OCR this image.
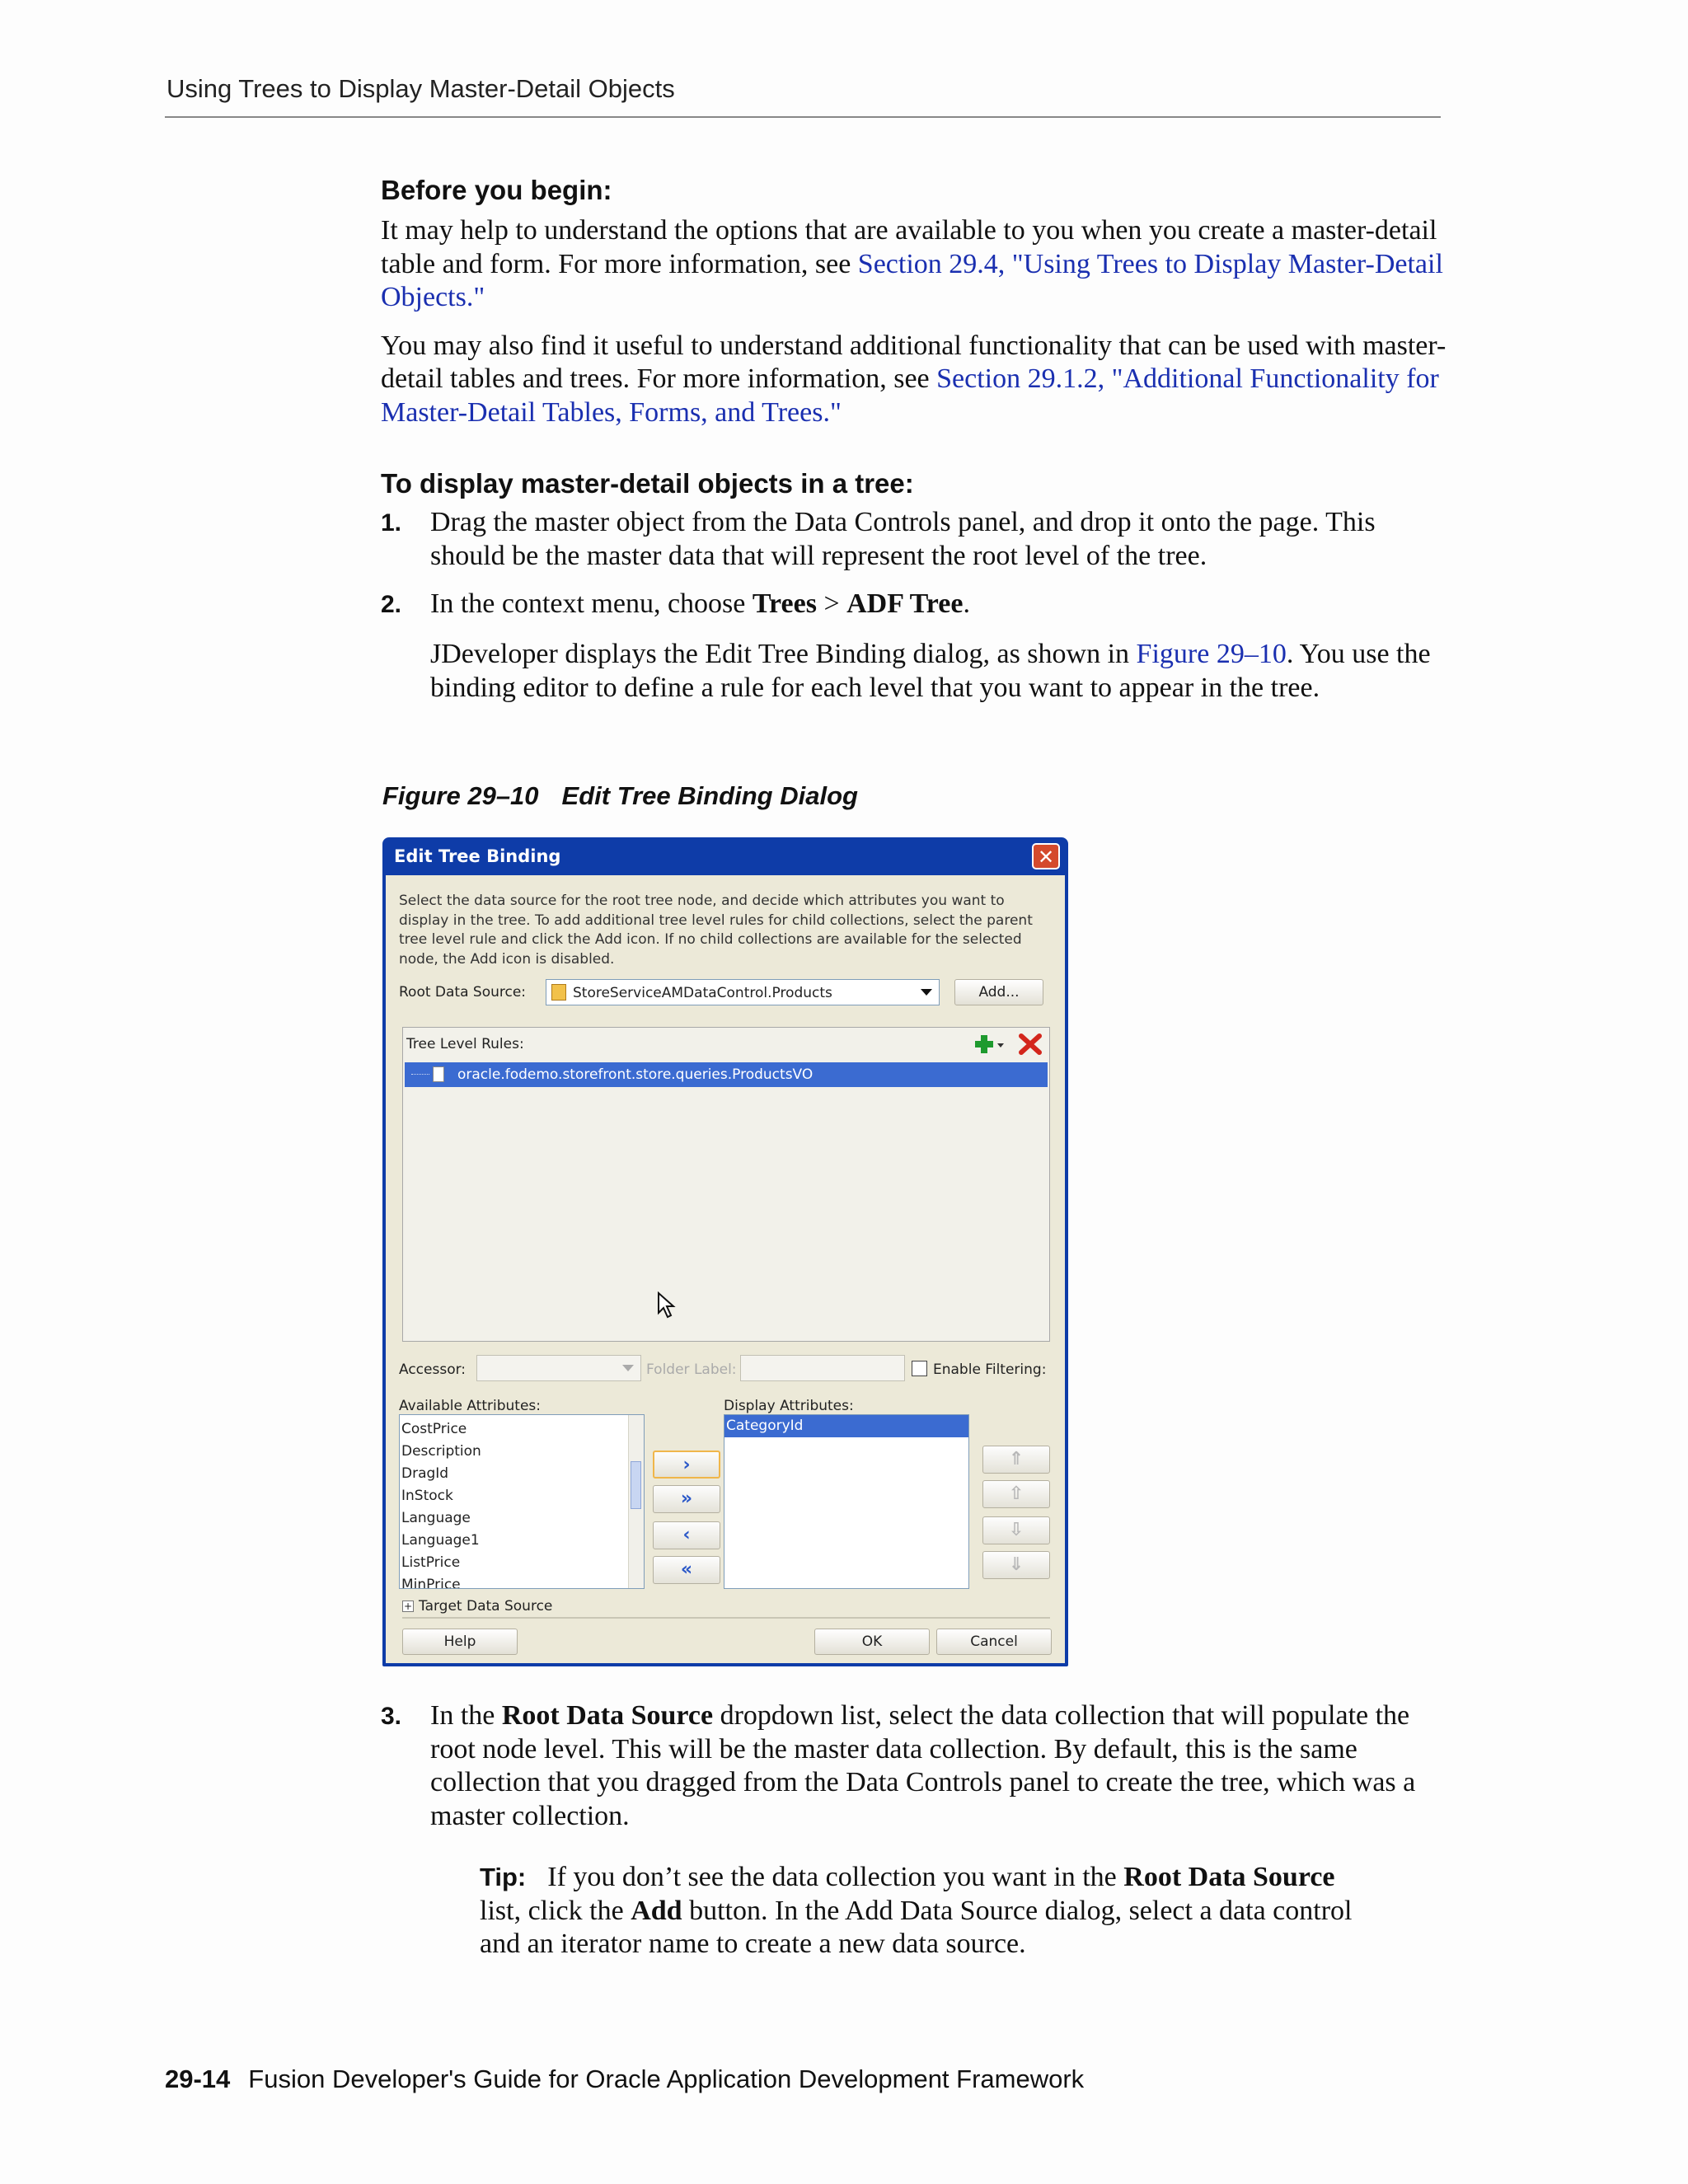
Using Trees to Display Master-Detail Objects
Before you begin:

It may help to understand the options that are available to you when you create a master-detail table and form. For more information, see Section 29.4, "Using Trees to Display Master-Detail Objects."

You may also find it useful to understand additional functionality that can be used with master-detail tables and trees. For more information, see Section 29.1.2, "Additional Functionality for Master-Detail Tables, Forms, and Trees."

To display master-detail objects in a tree:
1. Drag the master object from the Data Controls panel, and drop it onto the page. This should be the master data that will represent the root level of the tree.

2. In the context menu, choose Trees > ADF Tree.

JDeveloper displays the Edit Tree Binding dialog, as shown in Figure 29–10. You use the binding editor to define a rule for each level that you want to appear in the tree.

Figure 29–10 Edit Tree Binding Dialog
Edit Tree Binding	✕
Select the data source for the root tree node, and decide which attributes you want to display in the tree. To add additional tree level rules for child collections, select the parent tree level rule and click the Add icon. If no child collections are available for the selected node, the Add icon is disabled.
Root Data Source:	StoreServiceAMDataControl.Products	Add...
Tree Level Rules:
oracle.fodemo.storefront.store.queries.ProductsVO
Accessor:	Folder Label:	Enable Filtering:
Available Attributes:
CostPrice
Description
DragId
InStock
Language
Language1
ListPrice
MinPrice
›
»
‹
«
Display Attributes:
CategoryId
⇑
⇧
⇩
⇓
+ Target Data Source
Help	OK	Cancel
3. In the Root Data Source dropdown list, select the data collection that will populate the root node level. This will be the master data collection. By default, this is the same collection that you dragged from the Data Controls panel to create the tree, which was a master collection.

Tip: If you don’t see the data collection you want in the Root Data Source list, click the Add button. In the Add Data Source dialog, select a data control and an iterator name to create a new data source.

29-14 Fusion Developer's Guide for Oracle Application Development Framework
